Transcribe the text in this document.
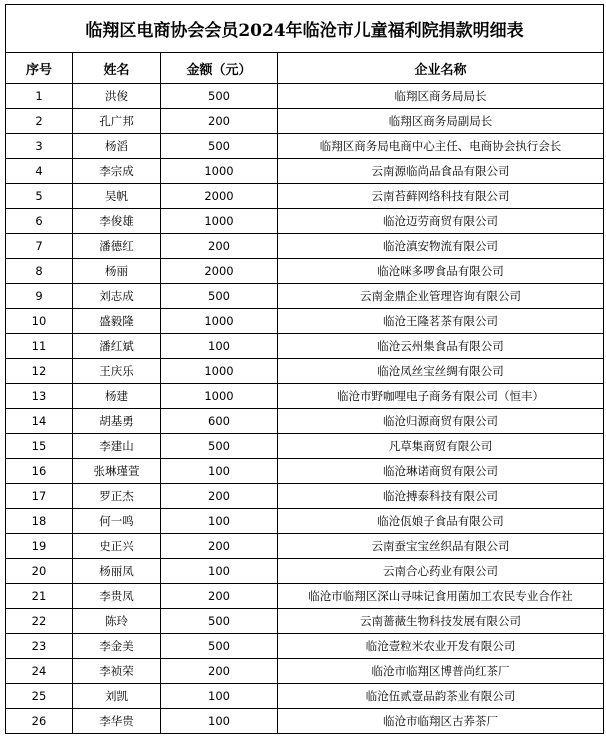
临翔区电商协会会员2024年临沧市儿童福利院捐款明细表			
序号	姓名	金额（元）	企业名称
1	洪俊	500	临翔区商务局局长
2	孔广邦	200	临翔区商务局副局长
3	杨滔	500	临翔区商务局电商中心主任、电商协会执行会长
4	李宗成	1000	云南源临尚品食品有限公司
5	吴帆	2000	云南苔藓网络科技有限公司
6	李俊雄	1000	临沧迈劳商贸有限公司
7	潘德红	200	临沧滇安物流有限公司
8	杨丽	2000	临沧咪多啰食品有限公司
9	刘志成	500	云南金鼎企业管理咨询有限公司
10	盛毅隆	1000	临沧王隆茗茶有限公司
11	潘红斌	100	临沧云州集食品有限公司
12	王庆乐	1000	临沧凤丝宝丝绸有限公司
13	杨建	1000	临沧市野咖哩电子商务有限公司（恒丰）
14	胡基勇	600	临沧归源商贸有限公司
15	李建山	500	凡草集商贸有限公司
16	张琳瑾萱	100	临沧琳诺商贸有限公司
17	罗正杰	200	临沧搏泰科技有限公司
18	何一鸣	100	临沧佤娘子食品有限公司
19	史正兴	200	云南蚕宝宝丝织品有限公司
20	杨丽凤	100	云南合心药业有限公司
21	李贵凤	200	临沧市临翔区深山寻味记食用菌加工农民专业合作社
22	陈玲	500	云南蔷薇生物科技发展有限公司
23	李金美	500	临沧壹粒米农业开发有限公司
24	李祯荣	200	临沧市临翔区博普尚红茶厂
25	刘凯	100	临沧伍贰壹品韵茶业有限公司
26	李华贵	100	临沧市临翔区古荞茶厂
